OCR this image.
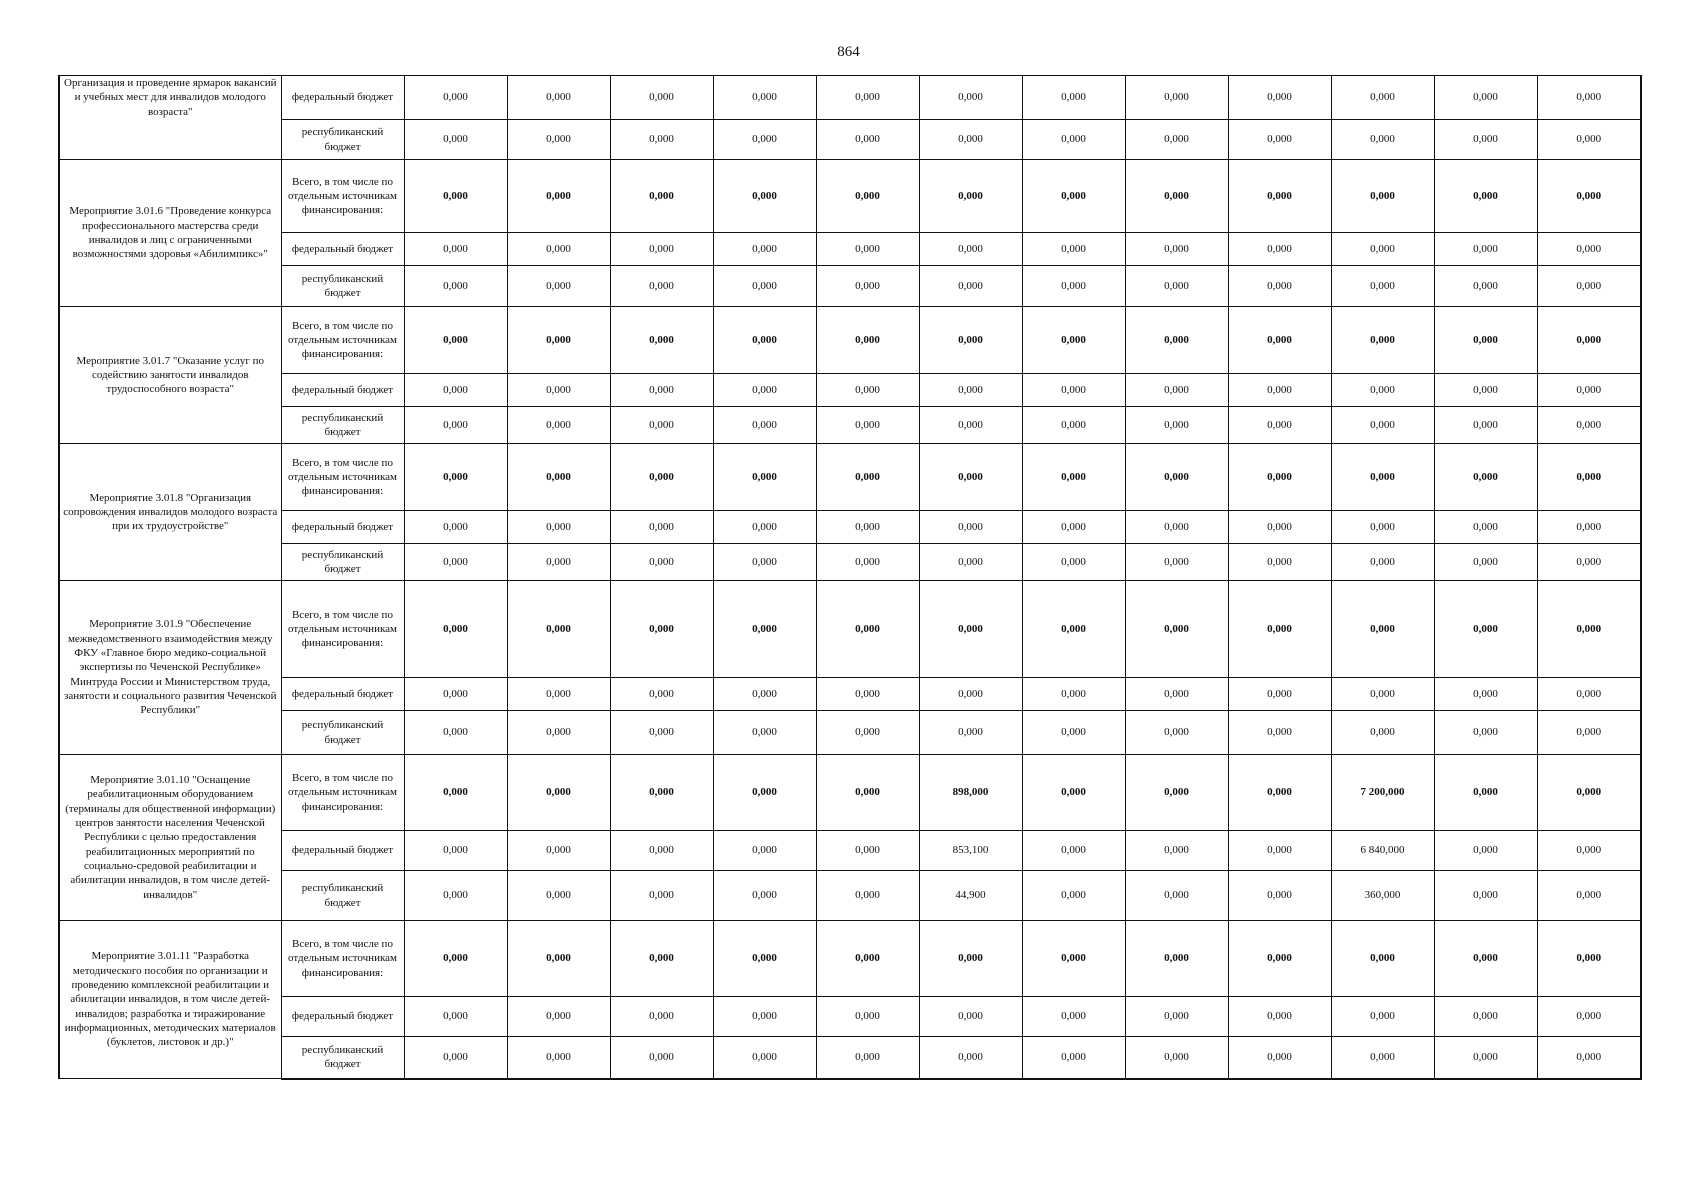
864
Организация и проведение ярмарок вакансий и учебных мест для инвалидов молодого возраста"	федеральный бюджет	0,000	0,000	0,000	0,000	0,000	0,000	0,000	0,000	0,000	0,000	0,000	0,000
	республиканский бюджет	0,000	0,000	0,000	0,000	0,000	0,000	0,000	0,000	0,000	0,000	0,000	0,000
Мероприятие 3.01.6 "Проведение конкурса профессионального мастерства среди инвалидов и лиц с ограниченными возможностями здоровья «Абилимпикс»"	Всего, в том числе по отдельным источникам финансирования:	0,000	0,000	0,000	0,000	0,000	0,000	0,000	0,000	0,000	0,000	0,000	0,000
	федеральный бюджет	0,000	0,000	0,000	0,000	0,000	0,000	0,000	0,000	0,000	0,000	0,000	0,000
	республиканский бюджет	0,000	0,000	0,000	0,000	0,000	0,000	0,000	0,000	0,000	0,000	0,000	0,000
Мероприятие 3.01.7 "Оказание услуг по содействию занятости инвалидов трудоспособного возраста"	Всего, в том числе по отдельным источникам финансирования:	0,000	0,000	0,000	0,000	0,000	0,000	0,000	0,000	0,000	0,000	0,000	0,000
	федеральный бюджет	0,000	0,000	0,000	0,000	0,000	0,000	0,000	0,000	0,000	0,000	0,000	0,000
	республиканский бюджет	0,000	0,000	0,000	0,000	0,000	0,000	0,000	0,000	0,000	0,000	0,000	0,000
Мероприятие 3.01.8 "Организация сопровождения инвалидов молодого возраста при их трудоустройстве"	Всего, в том числе по отдельным источникам финансирования:	0,000	0,000	0,000	0,000	0,000	0,000	0,000	0,000	0,000	0,000	0,000	0,000
	федеральный бюджет	0,000	0,000	0,000	0,000	0,000	0,000	0,000	0,000	0,000	0,000	0,000	0,000
	республиканский бюджет	0,000	0,000	0,000	0,000	0,000	0,000	0,000	0,000	0,000	0,000	0,000	0,000
Мероприятие 3.01.9 "Обеспечение межведомственного взаимодействия между ФКУ «Главное бюро медико-социальной экспертизы по Чеченской Республике» Минтруда России и Министерством труда, занятости и социального развития Чеченской Республики"	Всего, в том числе по отдельным источникам финансирования:	0,000	0,000	0,000	0,000	0,000	0,000	0,000	0,000	0,000	0,000	0,000	0,000
	федеральный бюджет	0,000	0,000	0,000	0,000	0,000	0,000	0,000	0,000	0,000	0,000	0,000	0,000
	республиканский бюджет	0,000	0,000	0,000	0,000	0,000	0,000	0,000	0,000	0,000	0,000	0,000	0,000
Мероприятие 3.01.10 "Оснащение реабилитационным оборудованием (терминалы для общественной информации) центров занятости населения Чеченской Республики с целью предоставления реабилитационных мероприятий по социально-средовой реабилитации и абилитации инвалидов, в том числе детей- инвалидов"	Всего, в том числе по отдельным источникам финансирования:	0,000	0,000	0,000	0,000	0,000	898,000	0,000	0,000	0,000	7 200,000	0,000	0,000
	федеральный бюджет	0,000	0,000	0,000	0,000	0,000	853,100	0,000	0,000	0,000	6 840,000	0,000	0,000
	республиканский бюджет	0,000	0,000	0,000	0,000	0,000	44,900	0,000	0,000	0,000	360,000	0,000	0,000
Мероприятие 3.01.11 "Разработка методического пособия по организации и проведению комплексной реабилитации и абилитации инвалидов, в том числе детей- инвалидов; разработка и тиражирование информационных, методических материалов (буклетов, листовок и др.)"	Всего, в том числе по отдельным источникам финансирования:	0,000	0,000	0,000	0,000	0,000	0,000	0,000	0,000	0,000	0,000	0,000	0,000
	федеральный бюджет	0,000	0,000	0,000	0,000	0,000	0,000	0,000	0,000	0,000	0,000	0,000	0,000
	республиканский бюджет	0,000	0,000	0,000	0,000	0,000	0,000	0,000	0,000	0,000	0,000	0,000	0,000
